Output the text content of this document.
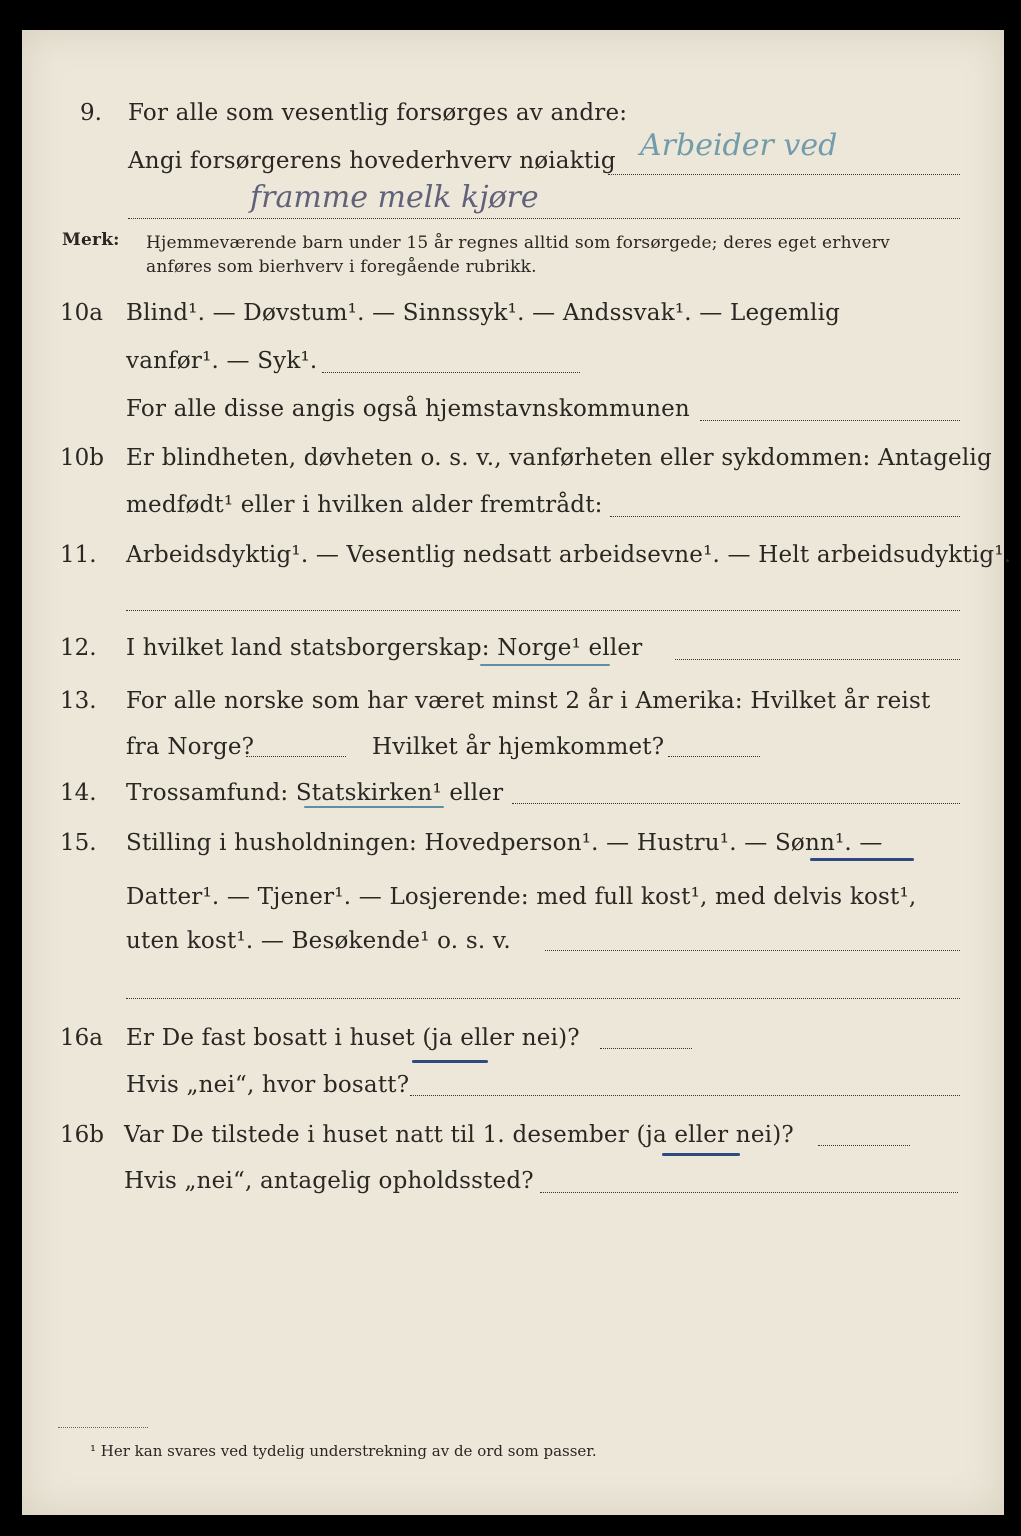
9. For alle som vesentlig forsørges av andre:
Angi forsørgerens hovederhverv nøiaktig Arbeider ved
framme melk kjøre
Merk: Hjemmeværende barn under 15 år regnes alltid som forsørgede; deres eget erhverv
anføres som bierhverv i foregående rubrikk.
10a Blind¹. — Døvstum¹. — Sinnssyk¹. — Andssvak¹. — Legemlig
vanfør¹. — Syk¹.
For alle disse angis også hjemstavnskommunen
10b Er blindheten, døvheten o. s. v., vanførheten eller sykdommen: Antagelig
medfødt¹ eller i hvilken alder fremtrådt:
11. Arbeidsdyktig¹. — Vesentlig nedsatt arbeidsevne¹. — Helt arbeidsudyktig¹.
12. I hvilket land statsborgerskap: Norge¹ eller
13. For alle norske som har været minst 2 år i Amerika: Hvilket år reist
fra Norge?	Hvilket år hjemkommet?
14. Trossamfund: Statskirken¹ eller
15. Stilling i husholdningen: Hovedperson¹. — Hustru¹. — Sønn¹. —
Datter¹. — Tjener¹. — Losjerende: med full kost¹, med delvis kost¹,
uten kost¹. — Besøkende¹ o. s. v.
16a Er De fast bosatt i huset (ja eller nei)?
Hvis „nei“, hvor bosatt?
16b Var De tilstede i huset natt til 1. desember (ja eller nei)?
Hvis „nei“, antagelig opholdssted?
¹ Her kan svares ved tydelig understrekning av de ord som passer.
